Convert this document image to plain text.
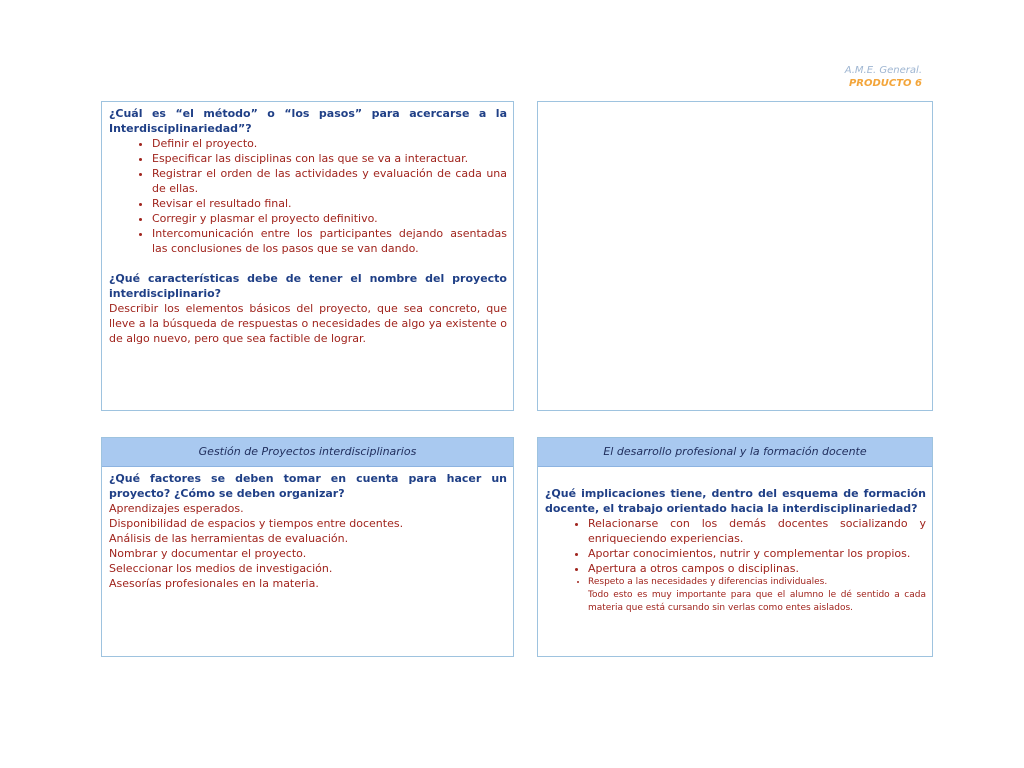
A.M.E. General.
PRODUCTO 6

¿Cuál es “el método” o “los pasos” para acercarse a la Interdisciplinariedad”?

• Definir el proyecto.
• Especificar las disciplinas con las que se va a interactuar.
• Registrar el orden de las actividades y evaluación de cada una de ellas.
• Revisar el resultado final.
• Corregir y plasmar el proyecto definitivo.
• Intercomunicación entre los participantes dejando asentadas las conclusiones de los pasos que se van dando.

¿Qué características debe de tener el nombre del proyecto interdisciplinario?

Describir los elementos básicos del proyecto, que sea concreto, que lleve a la búsqueda de respuestas o necesidades de algo ya existente o de algo nuevo, pero que sea factible de lograr.

Gestión de Proyectos interdisciplinarios

¿Qué factores se deben tomar en cuenta para hacer un proyecto? ¿Cómo se deben organizar?

Aprendizajes esperados.

Disponibilidad de espacios y tiempos entre docentes.

Análisis de las herramientas de evaluación.

Nombrar y documentar el proyecto.

Seleccionar los medios de investigación.

Asesorías profesionales en la materia.

El desarrollo profesional y la formación docente

¿Qué implicaciones tiene, dentro del esquema de formación docente, el trabajo orientado hacia la interdisciplinariedad?

• Relacionarse con los demás docentes socializando y enriqueciendo experiencias.
• Aportar conocimientos, nutrir y complementar los propios.
• Apertura a otros campos o disciplinas.
• Respeto a las necesidades y diferencias individuales.
Todo esto es muy importante para que el alumno le dé sentido a cada materia que está cursando sin verlas como entes aislados.
